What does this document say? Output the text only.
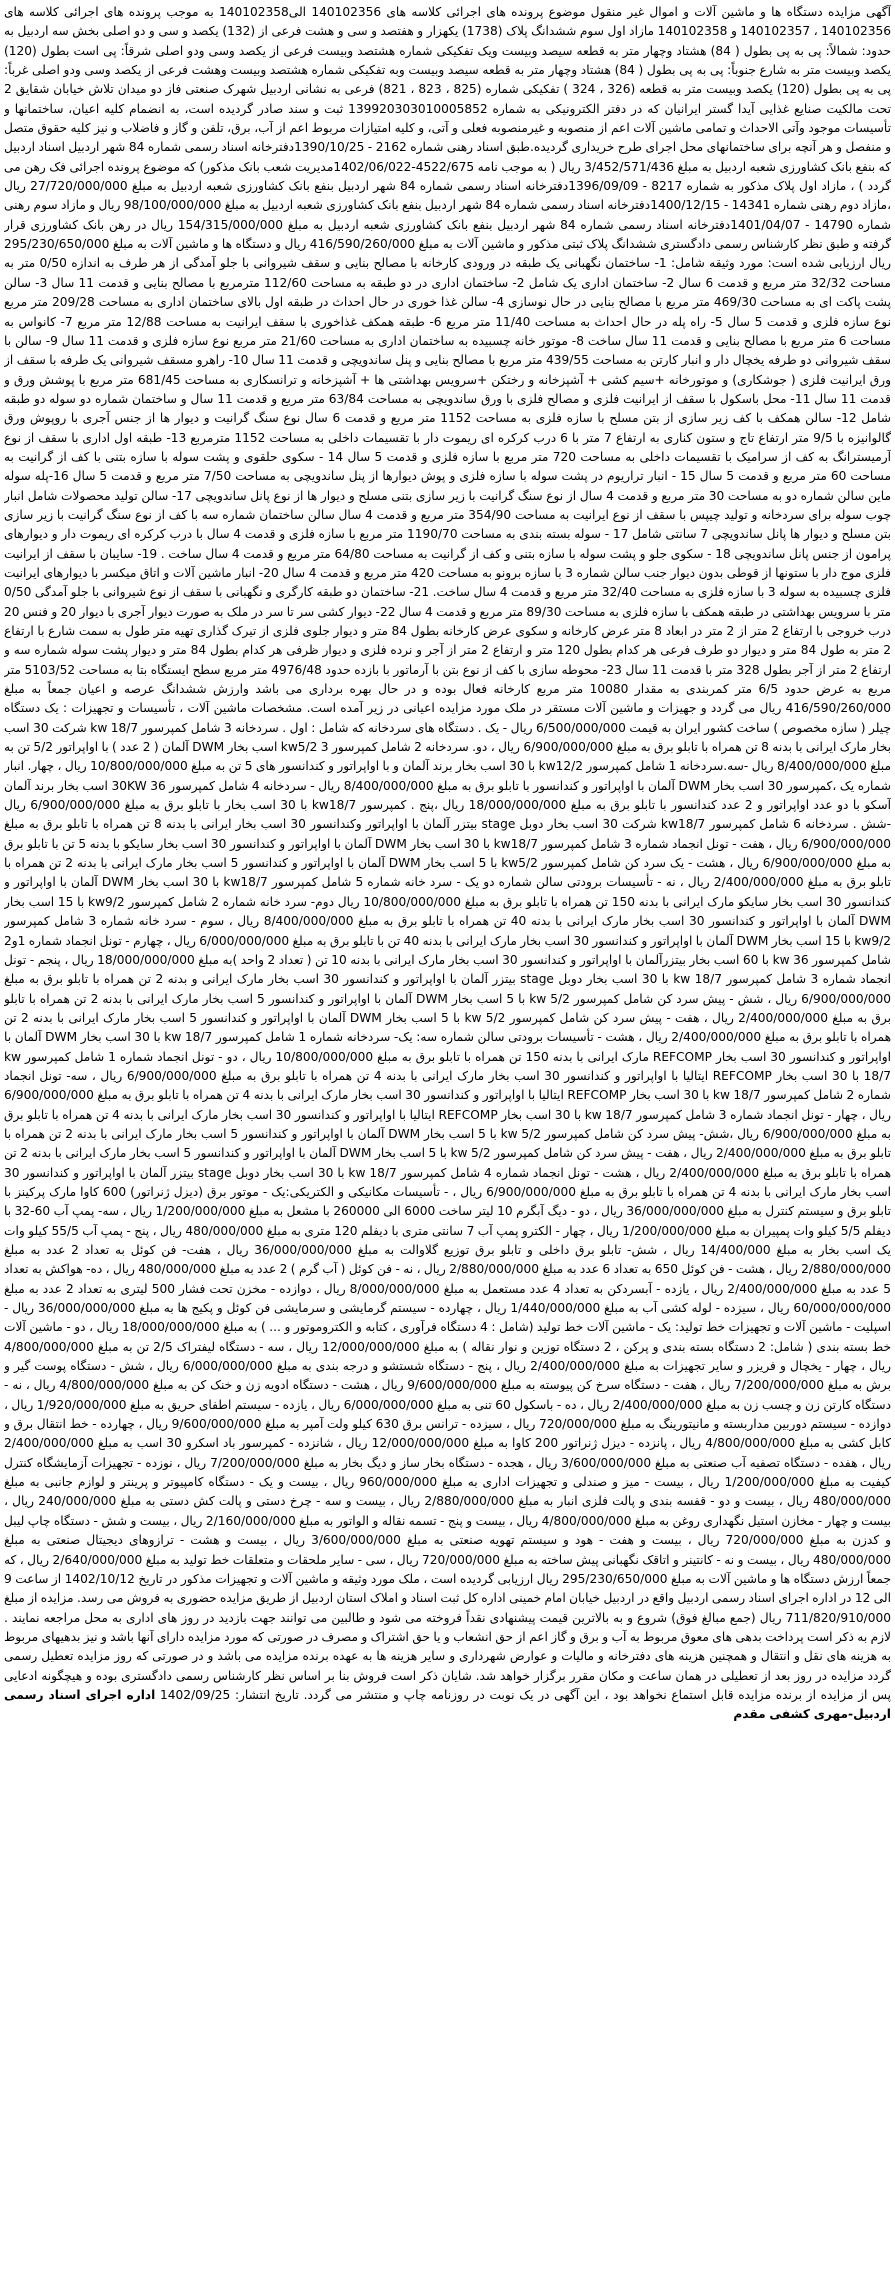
آگهی مزایده دستگاه ها و ماشین آلات و اموال غیر منقول موضوع پرونده های اجرائی کلاسه های 140102356 الی140102358 به موجب پرونده های اجرائی کلاسه های 140102356 ، 140102357 و 140102358 مازاد اول سوم ششدانگ پلاک (1738) یکهزار و هفتصد و سی و هشت فرعی از (132) یکصد و سی و دو اصلی بخش سه اردبیل به حدود: شمالاً: پی به پی بطول ( 84) هشتاد وچهار متر به قطعه سیصد وبیست ویک تفکیکی شماره هشتصد وبیست فرعی از یکصد وسی ودو اصلی شرقاً: پی است بطول (120) یکصد وبیست متر به شارع جنوباً: پی به پی بطول ( 84) هشتاد وچهار متر به قطعه سیصد وبیست وبه تفکیکی شماره هشتصد وبیست وهشت فرعی از یکصد وسی ودو اصلی غرباً: پی به پی بطول (120) یکصد وبیست متر به قطعه (326 ، 324 ) تفکیکی شماره (825 ، 823 ، 821) فرعی به نشانی اردبیل شهرک صنعتی فاز دو میدان تلاش خیابان شقایق 2 تحت مالکیت صنایع غذایی آیدا گستر ایرانیان که در دفتر الکترونیکی به شماره 139920303010005852 ثبت و سند صادر گردیده است، به انضمام کلیه اعیان، ساختمانها و تأسیسات موجود وآتی الاحداث و تمامی ماشین آلات اعم از منصوبه و غیرمنصوبه فعلی و آتی، و کلیه امتیازات مربوط اعم از آب، برق، تلفن و گاز و فاضلاب و نیز کلیه حقوق متصل و منفصل و هر آنچه برای ساختمانهای محل اجرای طرح خریداری گردیده.طبق اسناد رهنی شماره 2162 - 1390/10/25دفترخانه اسناد رسمی شماره 84 شهر اردبیل اسناد اردبیل که بنفع بانک کشاورزی شعبه اردبیل به مبلغ 3/452/571/436 ریال ( به موجب نامه 4522/675-1402/06/022مدیریت شعب بانک مذکور) که موضوع پرونده اجرائی فک رهن می گردد ) ، مازاد اول پلاک مذکور به شماره 8217 - 1396/09/09دفترخانه اسناد رسمی شماره 84 شهر اردبیل بنفع بانک کشاورزی شعبه اردبیل به مبلغ 27/720/000/000 ریال ،مازاد دوم رهنی شماره 14341 - 1400/12/15دفترخانه اسناد رسمی شماره 84 شهر اردبیل بنفع بانک کشاورزی شعبه اردبیل به مبلغ 98/100/000/000 ریال و مازاد سوم رهنی شماره 14790 - 1401/04/07دفترخانه اسناد رسمی شماره 84 شهر اردبیل بنفع بانک کشاورزی شعبه اردبیل به مبلغ 154/315/000/000 ریال در رهن بانک کشاورزی قرار گرفته و طبق نظر کارشناس رسمی دادگستری ششدانگ پلاک ثبتی مذکور و ماشین آلات به مبلغ 416/590/260/000 ریال و دستگاه ها و ماشین آلات به مبلغ 295/230/650/000 ریال ارزیابی شده است: مورد وثیقه شامل: 1- ساختمان نگهبانی یک طبقه در ورودی کارخانه با مصالح بنایی و سقف شیروانی با جلو آمدگی از هر طرف به اندازه 0/50 متر به مساحت 32/32 متر مربع و قدمت 6 سال 2- ساختمان اداری یک شامل 2- ساختمان اداری در دو طبقه به مساحت 112/60 مترمربع با مصالح بنایی و قدمت 11 سال 3- سالن پشت پاکت ای به مساحت 469/30 متر مربع با مصالح بنایی در حال نوسازی 4- سالن غذا خوری در حال احداث در طبقه اول بالای ساختمان اداری به مساحت 209/28 متر مربع نوع سازه فلزی و قدمت 5 سال 5- راه پله در حال احداث به مساحت 11/40 متر مربع 6- طبقه همکف غذاخوری با سقف ایرانیت به مساحت 12/88 متر مربع 7- کانواس به مساحت 6 متر مربع با مصالح بنایی و قدمت 11 سال ساخت 8- موتور خانه چسبیده به ساختمان اداری به مساحت 21/60 متر مربع نوع سازه فلزی و قدمت 11 سال 9- سالن با سقف شیروانی دو طرفه یخچال دار و انبار کارتن به مساحت 439/55 متر مربع با مصالح بنایی و پنل ساندویچی و قدمت 11 سال 10- راهرو مسقف شیروانی یک طرفه با سقف از ورق ایرانیت فلزی ( جوشکاری) و موتورخانه +سیم کشی + آشپزخانه و رختکن +سرویس بهداشتی ها + آشپزخانه و ترانسکاری به مساحت 681/45 متر مربع با پوشش ورق و قدمت 11 سال 11- محل باسکول با سقف از ایرانیت فلزی و مصالح فلزی با ورق ساندویچی به مساحت 63/84 متر مربع و قدمت 11 سال و ساختمان شماره دو سوله دو طبقه شامل 12- سالن همکف با کف زیر سازی از بتن مسلح با سازه فلزی به مساحت 1152 متر مربع و قدمت 6 سال نوع سنگ گرانیت و دیوار ها از جنس آجری با روپوش ورق گالوانیزه با 9/5 متر ارتفاع تاج و ستون کناری به ارتفاع 7 متر با 6 درب کرکره ای ریموت دار با تقسیمات داخلی به مساحت 1152 مترمربع 13- طبقه اول اداری با سقف از نوع آرمیسترانگ به کف از سرامیک با تقسیمات داخلی به مساحت 720 متر مربع با سازه فلزی و قدمت 5 سال 14 - سکوی حلقوی و پشت سوله با سازه بتنی با کف از گرانیت به مساحت 60 متر مربع و قدمت 5 سال 15 - انبار تراریوم در پشت سوله با سازه فلزی و پوش دیوارها از پنل ساندویچی به مساحت 7/50 متر مربع و قدمت 5 سال 16-پله سوله ماین سالن شماره دو به مساحت 30 متر مربع و قدمت 4 سال از نوع سنگ گرانیت با زیر سازی بتنی مسلح و دیوار ها از نوع پانل ساندویچی 17- سالن تولید محصولات شامل انبار چوب سوله برای سردخانه و تولید چیپس با سقف از نوع ایرانیت به مساحت 354/90 متر مربع و قدمت 4 سال سالن ساختمان شماره سه با کف از نوع سنگ گرانیت با زیر سازی بتن مسلح و دیوار ها پانل ساندویچی 7 سانتی شامل 17 - سوله بسته بندی به مساحت 1190/70 متر مربع با سازه فلزی و قدمت 4 سال با درب کرکره ای ریموت دار و دیوارهای پرامون از جنس پانل ساندویچی 18 - سکوی جلو و پشت سوله با سازه بتنی و کف از گرانیت به مساحت 64/80 متر مربع و قدمت 4 سال ساخت . 19- سایبان با سقف از ایرانیت فلزی موج دار با ستونها از قوطی بدون دیوار جنب سالن شماره 3 با سازه برونو به مساحت 420 متر مربع و قدمت 4 سال 20- انبار ماشین آلات و اتاق میکسر با دیوارهای ایرانیت فلزی چسبیده به سوله 3 با سازه فلزی به مساحت 32/40 متر مربع و قدمت 4 سال ساخت. 21- ساختمان دو طبقه کارگری و نگهبانی با سقف از نوع شیروانی با جلو آمدگی 0/50 متر با سرویس بهداشتی در طبقه همکف با سازه فلزی به مساحت 89/30 متر مربع و قدمت 4 سال 22- دیوار کشی سر تا سر در ملک به صورت دیوار آجری با دیوار 20 و فنس 20 درب خروجی با ارتفاع 2 متر از 2 متر در ابعاد 8 متر عرض کارخانه و سکوی عرض کارخانه بطول 84 متر و دیوار جلوی فلزی از تیرک گذاری تهیه متر طول به سمت شارع با ارتفاع 2 متر به طول 84 متر و دیوار دو طرف فرعی هر کدام بطول 120 متر و ارتفاع 2 متر از آجر و نرده فلزی و دیوار ظرفی هر کدام بطول 84 متر و دیوار پشت سوله شماره سه و ارتفاع 2 متر از آجر بطول 328 متر با قدمت 11 سال 23- محوطه سازی با کف از نوع بتن با آرماتور با بازده حدود 4976/48 متر مربع سطح ایستگاه بتا به مساحت 5103/52 متر مربع به عرض حدود 6/5 متر کمربندی به مقدار 10080 متر مربع کارخانه فعال بوده و در حال بهره برداری می باشد وارزش ششدانگ عرصه و اعیان جمعاً به مبلغ 416/590/260/000 ریال می گردد و جهیزات و ماشین آلات مستقر در ملک مورد مزایده اعیانی در زیر آمده است. مشخصات ماشین آلات ، تأسیسات و تجهیزات : یک دستگاه چیلر ( سازه مخصوص ) ساخت کشور ایران به قیمت 6/500/000/000 ریال - یک . دستگاه های سردخانه که شامل : اول . سردخانه 3 شامل کمپرسور 18/7 kw شرکت 30 اسب بخار مارک ایرانی با بدنه 8 تن همراه با تابلو برق به مبلغ 6/900/000/000 ریال ، دو. سردخانه 2 شامل کمپرسور kw5/2 3 اسب بخار DWM آلمان ( 2 عدد ) با اواپراتور 5/2 تن به مبلغ 8/400/000/000 ریال -سه.سردخانه 1 شامل کمپرسور kw12/2 با 30 اسب بخار برند آلمان و با اواپراتور و کندانسور های 5 تن به مبلغ 10/800/000/000 ریال ، چهار. انبار شماره یک ،کمپرسور 30 اسب بخار DWM آلمان با اواپراتور و کندانسور با تابلو برق به مبلغ 8/400/000/000 ریال - سردخانه 4 شامل کمپرسور 30KW 36 اسب بخار برند آلمان آسکو با دو عدد اواپراتور و 2 عدد کندانسور با تابلو برق به مبلغ 18/000/000/000 ریال ،پنج . کمپرسور kw18/7 با 30 اسب بخار با تابلو برق به مبلغ 6/900/000/000 ریال -شش . سردخانه 6 شامل کمپرسور kw18/7 شرکت 30 اسب بخار دوبل stage بیتزر آلمان با اواپراتور وکندانسور 30 اسب بخار ایرانی با بدنه 8 تن همراه با تابلو برق به مبلغ 6/900/000/000 ریال ، هفت - تونل انجماد شماره 3 شامل کمپرسور kw18/7 با 30 اسب بخار DWM آلمان با اواپراتور و کندانسور 30 اسب بخار سایکو با بدنه 5 تن با تابلو برق به مبلغ 6/900/000/000 ریال ، هشت - یک سرد کن شامل کمپرسور kw5/2 با 5 اسب بخار DWM آلمان با اواپراتور و کندانسور 5 اسب بخار مارک ایرانی با بدنه 2 تن همراه با تابلو برق به مبلغ 2/400/000/000 ریال ، نه - تأسیسات برودتی سالن شماره دو یک - سرد خانه شماره 5 شامل کمپرسور kw18/7 با 30 اسب بخار DWM آلمان با اواپراتور و کندانسور 30 اسب بخار سایکو مارک ایرانی با بدنه 150 تن همراه با تابلو برق به مبلغ 10/800/000/000 ریال دوم- سرد خانه شماره 2 شامل کمپرسور kw9/2 با 15 اسب بخار DWM آلمان با اواپراتور و کندانسور 30 اسب بخار مارک ایرانی با بدنه 40 تن همراه با تابلو برق به مبلغ 8/400/000/000 ریال ، سوم - سرد خانه شماره 3 شامل کمپرسور kw9/2 با 15 اسب بخار DWM آلمان با اواپراتور و کندانسور 30 اسب بخار مارک ایرانی با بدنه 40 تن با تابلو برق به مبلغ 6/000/000/000 ریال ، چهارم - تونل انجماد شماره 1و2 شامل کمپرسور 36 kw با 60 اسب بخار بیتزرآلمان با اواپراتور و کندانسور 30 اسب بخار مارک ایرانی با بدنه 10 تن ( تعداد 2 واحد )به مبلغ 18/000/000/000 ریال ، پنجم - تونل انجماد شماره 3 شامل کمپرسور kw 18/7 با 30 اسب بخار دوبل stage بیتزر آلمان با اواپراتور و کندانسور 30 اسب بخار مارک ایرانی و بدنه 2 تن همراه با تابلو برق به مبلغ 6/900/000/000 ریال ، شش - پیش سرد کن شامل کمپرسور kw 5/2 با 5 اسب بخار DWM آلمان با اواپراتور و کندانسور 5 اسب بخار مارک ایرانی با بدنه 2 تن همراه با تابلو برق به مبلغ 2/400/000/000 ریال ، هفت - پیش سرد کن شامل کمپرسور kw 5/2 با 5 اسب بخار DWM آلمان با اواپراتور و کندانسور 5 اسب بخار مارک ایرانی با بدنه 2 تن همراه با تابلو برق به مبلغ 2/400/000/000 ریال ، هشت - تأسیسات برودتی سالن شماره سه: یک- سردخانه شماره 1 شامل کمپرسور kw 18/7 با 30 اسب بخار DWM آلمان با اواپراتور و کندانسور 30 اسب بخار REFCOMP مارک ایرانی با بدنه 150 تن همراه با تابلو برق به مبلغ 10/800/000/000 ریال ، دو - تونل انجماد شماره 1 شامل کمپرسور kw 18/7 با 30 اسب بخار REFCOMP ایتالیا با اواپراتور و کندانسور 30 اسب بخار مارک ایرانی با بدنه 4 تن همراه با تابلو برق به مبلغ 6/900/000/000 ریال ، سه- تونل انجماد شماره 2 شامل کمپرسور kw 18/7 با 30 اسب بخار REFCOMP ایتالیا با اواپراتور و کندانسور 30 اسب بخار مارک ایرانی با بدنه 4 تن همراه با تابلو برق به مبلغ 6/900/000/000 ریال ، چهار - تونل انجماد شماره 3 شامل کمپرسور kw 18/7 با 30 اسب بخار REFCOMP ایتالیا با اواپراتور و کندانسور 30 اسب بخار مارک ایرانی با بدنه 4 تن همراه با تابلو برق به مبلغ 6/900/000/000 ریال ،شش- پیش سرد کن شامل کمپرسور kw 5/2 با 5 اسب بخار DWM آلمان با اواپراتور و کندانسور 5 اسب بخار مارک ایرانی با بدنه 2 تن همراه با تابلو برق به مبلغ 2/400/000/000 ریال ، هفت - پیش سرد کن شامل کمپرسور kw 5/2 با 5 اسب بخار DWM آلمان با اواپراتور و کندانسور 5 اسب بخار مارک ایرانی با بدنه 2 تن همراه با تابلو برق به مبلغ 2/400/000/000 ریال ، هشت - تونل انجماد شماره 4 شامل کمپرسور kw 18/7 با 30 اسب بخار دوبل stage بیتزر آلمان با اواپراتور و کندانسور 30 اسب بخار مارک ایرانی با بدنه 4 تن همراه با تابلو برق به مبلغ 6/900/000/000 ریال ، - تأسیسات مکانیکی و الکتریکی:یک - موتور برق (دیزل ژنراتور) 600 کاوا مارک پرکینز با تابلو برق و سیستم کنترل به مبلغ 36/000/000/000 ریال ، دو - دیگ آبگرم 10 لیتر ساخت 6000 الی 260000 با مشعل به مبلغ 1/200/000/000 ریال ، سه- پمپ آب 60-32 با دیفلم 5/5 کیلو وات پمپیران به مبلغ 1/200/000/000 ریال ، چهار - الکترو پمپ آب 7 سانتی متری با دیفلم 120 متری به مبلغ 480/000/000 ریال ، پنج - پمپ آب 55/5 کیلو وات یک اسب بخار به مبلغ 14/400/000 ریال ، شش- تابلو برق داخلی و تابلو برق توزیع گلاوالت به مبلغ 36/000/000/000 ریال ، هفت- فن کوئل به تعداد 2 عدد به مبلغ 2/880/000/000 ریال ، هشت - فن کوئل 650 به تعداد 6 عدد به مبلغ 2/880/000/000 ریال ، نه - فن کوئل ( آب گرم ) 2 عدد به مبلغ 480/000/000 ریال ، ده- هواکش به تعداد 5 عدد به مبلغ 2/400/000/000 ریال ، یازده - آبسردکن به تعداد 4 عدد مستعمل به مبلغ 8/000/000/000 ریال ، دوازده - مخزن تحت فشار 500 لیتری به تعداد 2 عدد به مبلغ 60/000/000/000 ریال ، سیزده - لوله کشی آب به مبلغ 1/440/000/000 ریال ، چهارده - سیستم گرمایشی و سرمایشی فن کوئل و پکیج ها به مبلغ 36/000/000/000 ریال - اسپلیت - ماشین آلات و تجهیزات خط تولید: یک - ماشین آلات خط تولید (شامل : 4 دستگاه فرآوری ، کتابه و الکتروموتور و ... ) به مبلغ 18/000/000/000 ریال ، دو - ماشین آلات خط بسته بندی ( شامل: 2 دستگاه بسته بندی و پرکن ، 2 دستگاه توزین و نوار نقاله ) به مبلغ 12/000/000/000 ریال ، سه - دستگاه لیفتراک 2/5 تن به مبلغ 4/800/000/000 ریال ، چهار - یخچال و فریزر و سایر تجهیزات به مبلغ 2/400/000/000 ریال ، پنج - دستگاه شستشو و درجه بندی به مبلغ 6/000/000/000 ریال ، شش - دستگاه پوست گیر و برش به مبلغ 7/200/000/000 ریال ، هفت - دستگاه سرخ کن پیوسته به مبلغ 9/600/000/000 ریال ، هشت - دستگاه ادویه زن و خنک کن به مبلغ 4/800/000/000 ریال ، نه - دستگاه کارتن زن و چسب زن به مبلغ 2/400/000/000 ریال ، ده - باسکول 60 تنی به مبلغ 6/000/000/000 ریال ، یازده - سیستم اطفای حریق به مبلغ 1/920/000/000 ریال ، دوازده - سیستم دوربین مداربسته و مانیتورینگ به مبلغ 720/000/000 ریال ، سیزده - ترانس برق 630 کیلو ولت آمپر به مبلغ 9/600/000/000 ریال ، چهارده - خط انتقال برق و کابل کشی به مبلغ 4/800/000/000 ریال ، پانزده - دیزل ژنراتور 200 کاوا به مبلغ 12/000/000/000 ریال ، شانزده - کمپرسور باد اسکرو 30 اسب به مبلغ 2/400/000/000 ریال ، هفده - دستگاه تصفیه آب صنعتی به مبلغ 3/600/000/000 ریال ، هجده - دستگاه بخار ساز و دیگ بخار به مبلغ 7/200/000/000 ریال ، نوزده - تجهیزات آزمایشگاه کنترل کیفیت به مبلغ 1/200/000/000 ریال ، بیست - میز و صندلی و تجهیزات اداری به مبلغ 960/000/000 ریال ، بیست و یک - دستگاه کامپیوتر و پرینتر و لوازم جانبی به مبلغ 480/000/000 ریال ، بیست و دو - قفسه بندی و پالت فلزی انبار به مبلغ 2/880/000/000 ریال ، بیست و سه - چرخ دستی و پالت کش دستی به مبلغ 240/000/000 ریال ، بیست و چهار - مخازن استیل نگهداری روغن به مبلغ 4/800/000/000 ریال ، بیست و پنج - تسمه نقاله و الواتور به مبلغ 2/160/000/000 ریال ، بیست و شش - دستگاه چاپ لیبل و کدزن به مبلغ 720/000/000 ریال ، بیست و هفت - هود و سیستم تهویه صنعتی به مبلغ 3/600/000/000 ریال ، بیست و هشت - ترازوهای دیجیتال صنعتی به مبلغ 480/000/000 ریال ، بیست و نه - کانتینر و اتاقک نگهبانی پیش ساخته به مبلغ 720/000/000 ریال ، سی - سایر ملحقات و متعلقات خط تولید به مبلغ 2/640/000/000 ریال ، که جمعاً ارزش دستگاه ها و ماشین آلات به مبلغ 295/230/650/000 ریال ارزیابی گردیده است ، ملک مورد وثیقه و ماشین آلات و تجهیزات مذکور در تاریخ 1402/10/12 از ساعت 9 الی 12 در اداره اجرای اسناد رسمی اردبیل واقع در اردبیل خیابان امام خمینی اداره کل ثبت اسناد و املاک استان اردبیل از طریق مزایده حضوری به فروش می رسد. مزایده از مبلغ 711/820/910/000 ریال (جمع مبالغ فوق) شروع و به بالاترین قیمت پیشنهادی نقداً فروخته می شود و طالبین می توانند جهت بازدید در روز های اداری به محل مراجعه نمایند . لازم به ذکر است پرداخت بدهی های معوق مربوط به آب و برق و گاز اعم از حق انشعاب و یا حق اشتراک و مصرف در صورتی که مورد مزایده دارای آنها باشد و نیز بدهیهای مربوط به هزینه های نقل و انتقال و همچنین هزینه های دفترخانه و مالیات و عوارض شهرداری و سایر هزینه ها به عهده برنده مزایده می باشد و در صورتی که روز مزایده تعطیل رسمی گردد مزایده در روز بعد از تعطیلی در همان ساعت و مکان مقرر برگزار خواهد شد. شایان ذکر است فروش بنا بر اساس نظر کارشناس رسمی دادگستری بوده و هیچگونه ادعایی پس از مزایده از برنده مزایده قابل استماع نخواهد بود ، این آگهی در یک نوبت در روزنامه چاپ و منتشر می گردد. تاریخ انتشار: 1402/09/25 اداره اجرای اسناد رسمی اردبیل-مهری کشفی مقدم
